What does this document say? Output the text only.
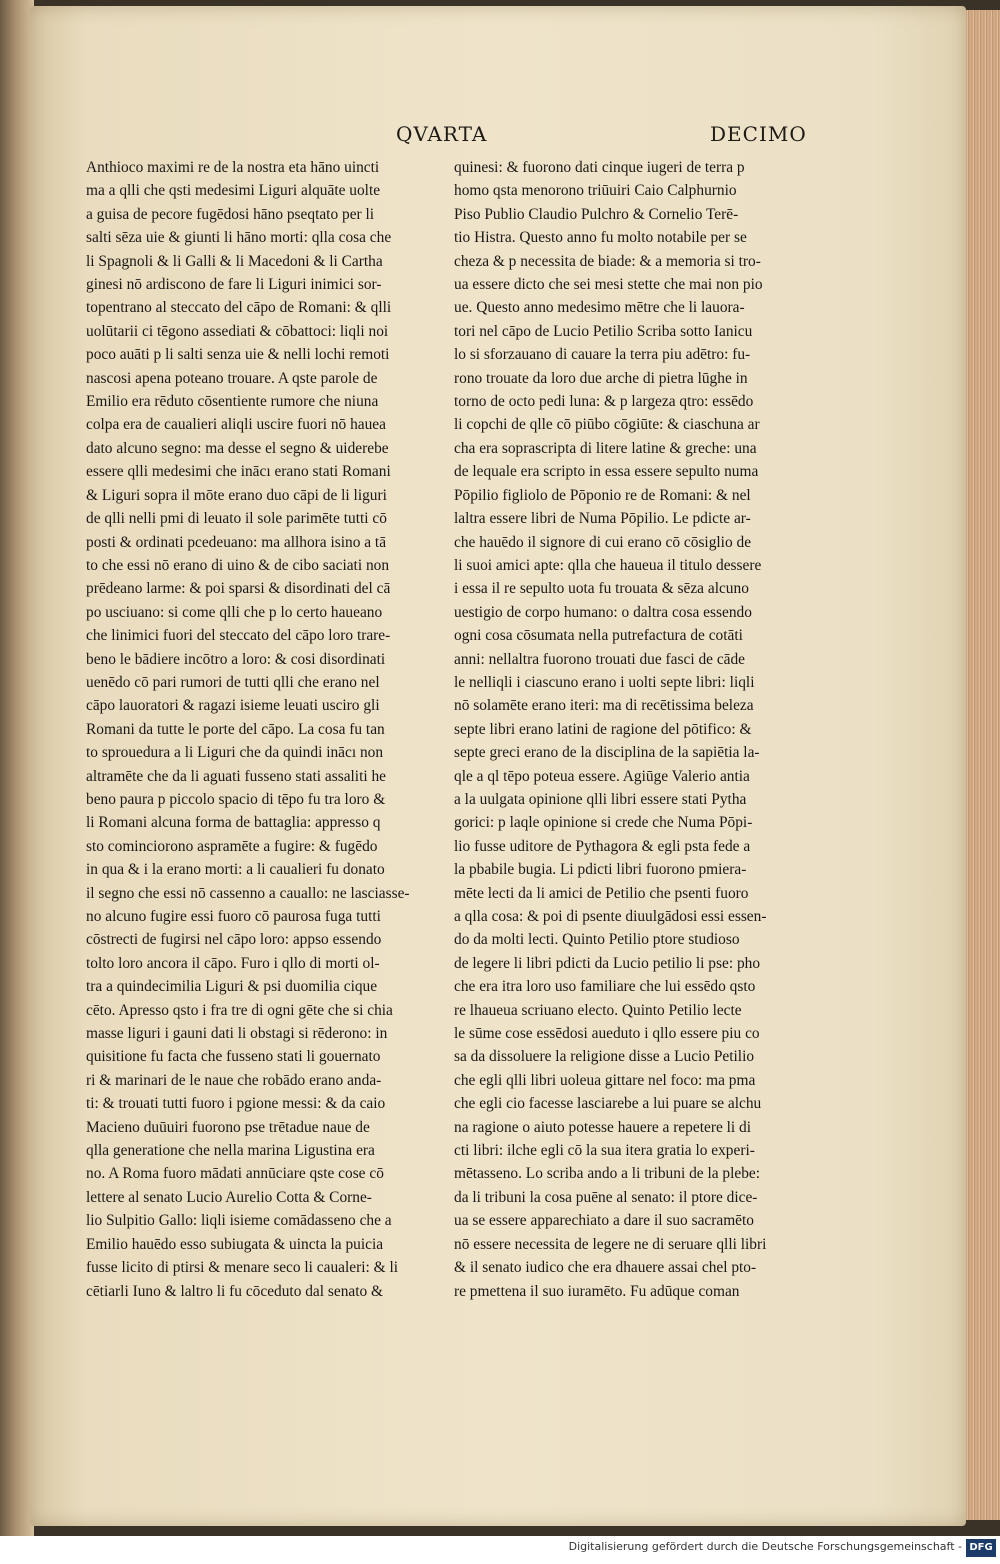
QVARTA	DECIMO

Anthioco maximi re de la nostra eta hāno uincti
ma a qlli che qsti medesimi Liguri alquāte uolte
a guisa de pecore fugēdosi hāno pseqtato per li
salti sēza uie & giunti li hāno morti: qlla cosa che
li Spagnoli & li Galli & li Macedoni & li Cartha
ginesi nō ardiscono de fare li Liguri inimici sor-
topentrano al steccato del cāpo de Romani: & qlli
uolūtarii ci tēgono assediati & cōbattoci: liqli noi
poco auāti p li salti senza uie & nelli lochi remoti
nascosi apena poteano trouare. A qste parole de
Emilio era rēduto cōsentiente rumore che niuna
colpa era de caualieri aliqli uscire fuori nō hauea
dato alcuno segno: ma desse el segno & uiderebe
essere qlli medesimi che inācı erano stati Romani
& Liguri sopra il mōte erano duo cāpi de li liguri
de qlli nelli pmi di leuato il sole parimēte tutti cō
posti & ordinati pcedeuano: ma allhora isino a tā
to che essi nō erano di uino & de cibo saciati non
prēdeano larme: & poi sparsi & disordinati del cā
po usciuano: si come qlli che p lo certo haueano
che linimici fuori del steccato del cāpo loro trare-
beno le bādiere incōtro a loro: & cosi disordinati
uenēdo cō pari rumori de tutti qlli che erano nel
cāpo lauoratori & ragazi isieme leuati usciro gli
Romani da tutte le porte del cāpo. La cosa fu tan
to sprouedura a li Liguri che da quindi inācı non
altramēte che da li aguati fusseno stati assaliti he
beno paura p piccolo spacio di tēpo fu tra loro &
li Romani alcuna forma de battaglia: appresso q
sto cominciorono aspramēte a fugire: & fugēdo
in qua & i la erano morti: a li caualieri fu donato
il segno che essi nō cassenno a cauallo: ne lasciasse-
no alcuno fugire essi fuoro cō paurosa fuga tutti
cōstrecti de fugirsi nel cāpo loro: appso essendo
tolto loro ancora il cāpo. Furo i qllo di morti ol-
tra a quindecimilia Liguri & psi duomilia cique
cēto. Apresso qsto i fra tre di ogni gēte che si chia
masse liguri i gauni dati li obstagi si rēderono: in
quisitione fu facta che fusseno stati li gouernato
ri & marinari de le naue che robādo erano anda-
ti: & trouati tutti fuoro i pgione messi: & da caio
Macieno duūuiri fuorono pse trētadue naue de
qlla generatione che nella marina Ligustina era
no. A Roma fuoro mādati annūciare qste cose cō
lettere al senato Lucio Aurelio Cotta & Corne-
lio Sulpitio Gallo: liqli isieme comādasseno che a
Emilio hauēdo esso subiugata & uincta la puicia
fusse licito di ptirsi & menare seco li caualeri: & li
cētiarli Iuno & laltro li fu cōceduto dal senato &

quinesi: & fuorono dati cinque iugeri de terra p
homo qsta menorono triūuiri Caio Calphurnio
Piso Publio Claudio Pulchro & Cornelio Terē-
tio Histra. Questo anno fu molto notabile per se
cheza & p necessita de biade: & a memoria si tro-
ua essere dicto che sei mesi stette che mai non pio
ue. Questo anno medesimo mētre che li lauora-
tori nel cāpo de Lucio Petilio Scriba sotto Ianicu
lo si sforzauano di cauare la terra piu adētro: fu-
rono trouate da loro due arche di pietra lūghe in
torno de octo pedi luna: & p largeza qtro: essēdo
li copchi de qlle cō piūbo cōgiūte: & ciaschuna ar
cha era soprascripta di litere latine & greche: una
de lequale era scripto in essa essere sepulto numa
Pōpilio figliolo de Pōponio re de Romani: & nel
laltra essere libri de Numa Pōpilio. Le pdicte ar-
che hauēdo il signore di cui erano cō cōsiglio de
li suoi amici apte: qlla che haueua il titulo dessere
i essa il re sepulto uota fu trouata & sēza alcuno
uestigio de corpo humano: o daltra cosa essendo
ogni cosa cōsumata nella putrefactura de cotāti
anni: nellaltra fuorono trouati due fasci de cāde
le nelliqli i ciascuno erano i uolti septe libri: liqli
nō solamēte erano iteri: ma di recētissima beleza
septe libri erano latini de ragione del pōtifico: &
septe greci erano de la disciplina de la sapiētia la-
qle a ql tēpo poteua essere. Agiūge Valerio antia
a la uulgata opinione qlli libri essere stati Pytha
gorici: p laqle opinione si crede che Numa Pōpi-
lio fusse uditore de Pythagora & egli psta fede a
la pbabile bugia. Li pdicti libri fuorono pmiera-
mēte lecti da li amici de Petilio che psenti fuoro
a qlla cosa: & poi di psente diuulgādosi essi essen-
do da molti lecti. Quinto Petilio ptore studioso
de legere li libri pdicti da Lucio petilio li pse: pho
che era itra loro uso familiare che lui essēdo qsto
re lhaueua scriuano electo. Quinto Petilio lecte
le sūme cose essēdosi aueduto i qllo essere piu co
sa da dissoluere la religione disse a Lucio Petilio
che egli qlli libri uoleua gittare nel foco: ma pma
che egli cio facesse lasciarebe a lui puare se alchu
na ragione o aiuto potesse hauere a repetere li di
cti libri: ilche egli cō la sua itera gratia lo experi-
mētasseno. Lo scriba ando a li tribuni de la plebe:
da li tribuni la cosa puēne al senato: il ptore dice-
ua se essere apparechiato a dare il suo sacramēto
nō essere necessita de legere ne di seruare qlli libri
& il senato iudico che era dhauere assai chel pto-
re pmettena il suo iuramēto. Fu adūque coman

Digitalisierung gefördert durch die Deutsche Forschungsgemeinschaft - DFG
